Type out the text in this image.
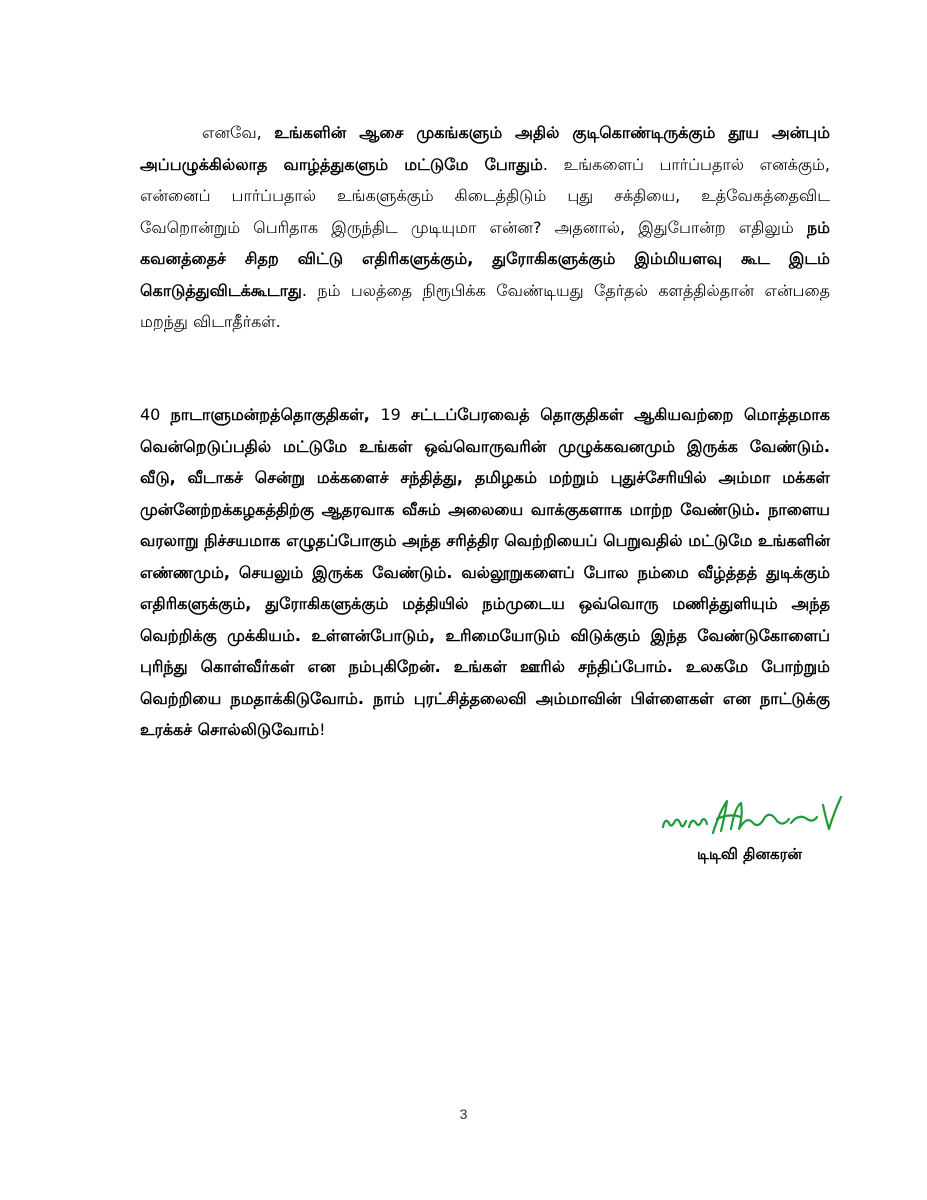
எனவே, உங்களின் ஆசை முகங்களும் அதில் குடிகொண்டிருக்கும் தூய அன்பும் அப்பழுக்கில்லாத வாழ்த்துகளும் மட்டுமே போதும். உங்களைப் பார்ப்பதால் எனக்கும், என்னைப் பார்ப்பதால் உங்களுக்கும் கிடைத்திடும் புது சக்தியை, உத்வேகத்தைவிட வேறொன்றும் பெரிதாக இருந்திட முடியுமா என்ன? அதனால், இதுபோன்ற எதிலும் நம் கவனத்தைச் சிதற விட்டு எதிரிகளுக்கும், துரோகிகளுக்கும் இம்மியளவு கூட இடம் கொடுத்துவிடக்கூடாது. நம் பலத்தை நிரூபிக்க வேண்டியது தேர்தல் களத்தில்தான் என்பதை மறந்து விடாதீர்கள்.

40 நாடாளுமன்றத்தொகுதிகள், 19 சட்டப்பேரவைத் தொகுதிகள் ஆகியவற்றை மொத்தமாக வென்றெடுப்பதில் மட்டுமே உங்கள் ஒவ்வொருவரின் முழுக்கவனமும் இருக்க வேண்டும். வீடு, வீடாகச் சென்று மக்களைச் சந்தித்து, தமிழகம் மற்றும் புதுச்சேரியில் அம்மா மக்கள் முன்னேற்றக்கழகத்திற்கு ஆதரவாக வீசும் அலையை வாக்குகளாக மாற்ற வேண்டும். நாளைய வரலாறு நிச்சயமாக எழுதப்போகும் அந்த சரித்திர வெற்றியைப் பெறுவதில் மட்டுமே உங்களின் எண்ணமும், செயலும் இருக்க வேண்டும். வல்லூறுகளைப் போல நம்மை வீழ்த்தத் துடிக்கும் எதிரிகளுக்கும், துரோகிகளுக்கும் மத்தியில் நம்முடைய ஒவ்வொரு மணித்துளியும் அந்த வெற்றிக்கு முக்கியம். உள்ளன்போடும், உரிமையோடும் விடுக்கும் இந்த வேண்டுகோளைப் புரிந்து கொள்வீர்கள் என நம்புகிறேன். உங்கள் ஊரில் சந்திப்போம். உலகமே போற்றும் வெற்றியை நமதாக்கிடுவோம். நாம் புரட்சித்தலைவி அம்மாவின் பிள்ளைகள் என நாட்டுக்கு உரக்கச் சொல்லிடுவோம்!

டிடிவி தினகரன்
3
